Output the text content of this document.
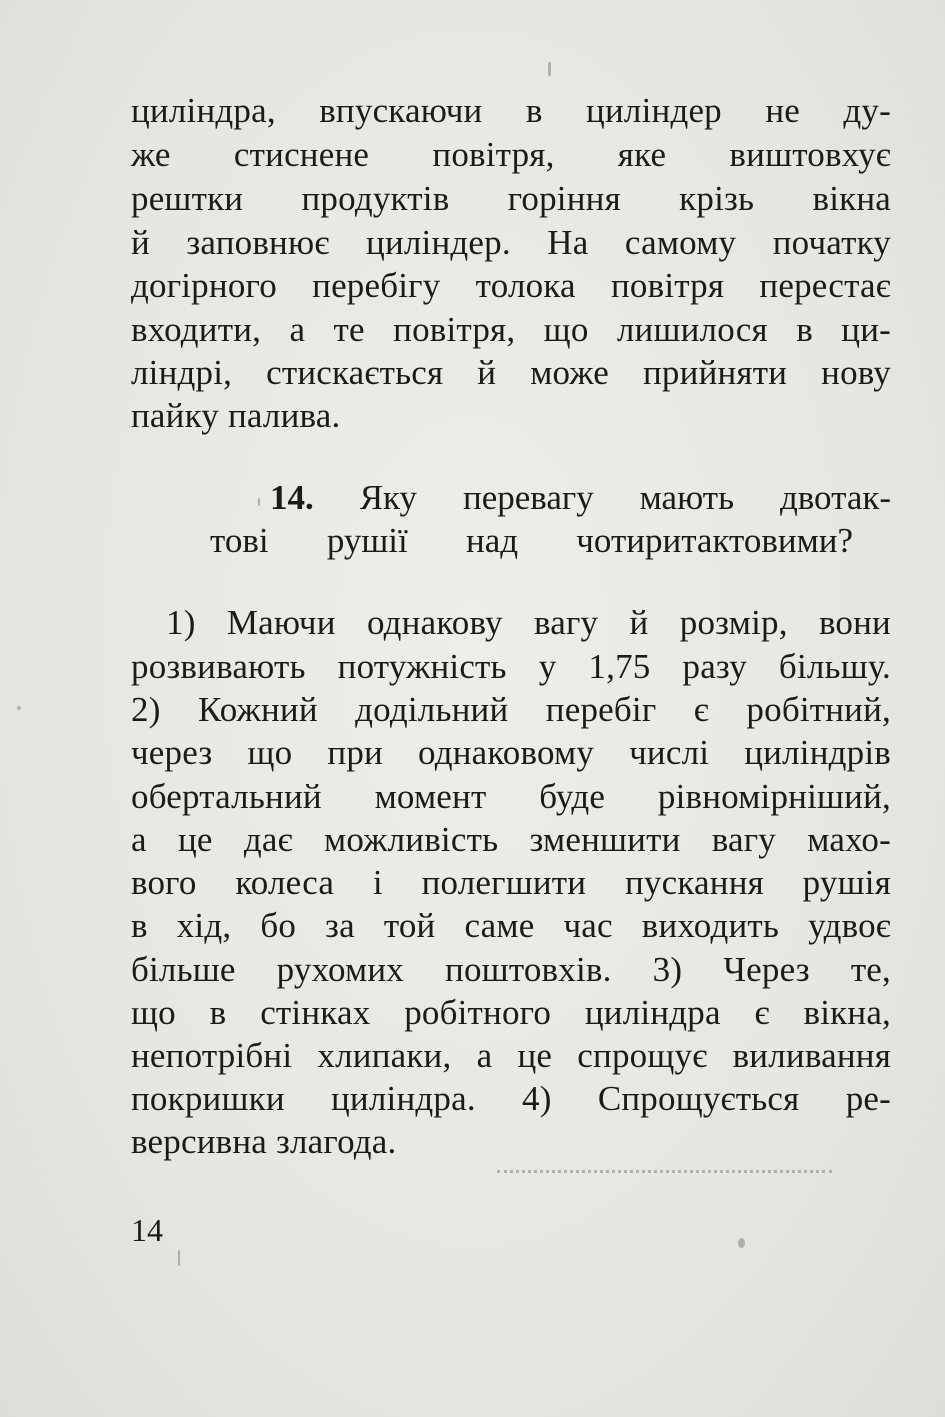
циліндра, впускаючи в циліндер не ду-
же стиснене повітря, яке виштовхує
рештки продуктів горіння крізь вікна
й заповнює циліндер. На самому початку
догірного перебігу толока повітря перестає
входити, а те повітря, що лишилося в ци-
ліндрі, стискається й може прийняти нову
пайку палива.
14. Яку перевагу мають двотак-
тові рушії над чотиритактовими?
1) Маючи однакову вагу й розмір, вони
розвивають потужність у 1,75 разу більшу.
2) Кожний додільний перебіг є робітний,
через що при однаковому числі циліндрів
обертальний момент буде рівномірніший,
а це дає можливість зменшити вагу махо-
вого колеса і полегшити пускання рушія
в хід, бо за той саме час виходить удвоє
більше рухомих поштовхів. 3) Через те,
що в стінках робітного циліндра є вікна,
непотрібні хлипаки, а це спрощує виливання
покришки циліндра. 4) Спрощується ре-
версивна злагода.
14
